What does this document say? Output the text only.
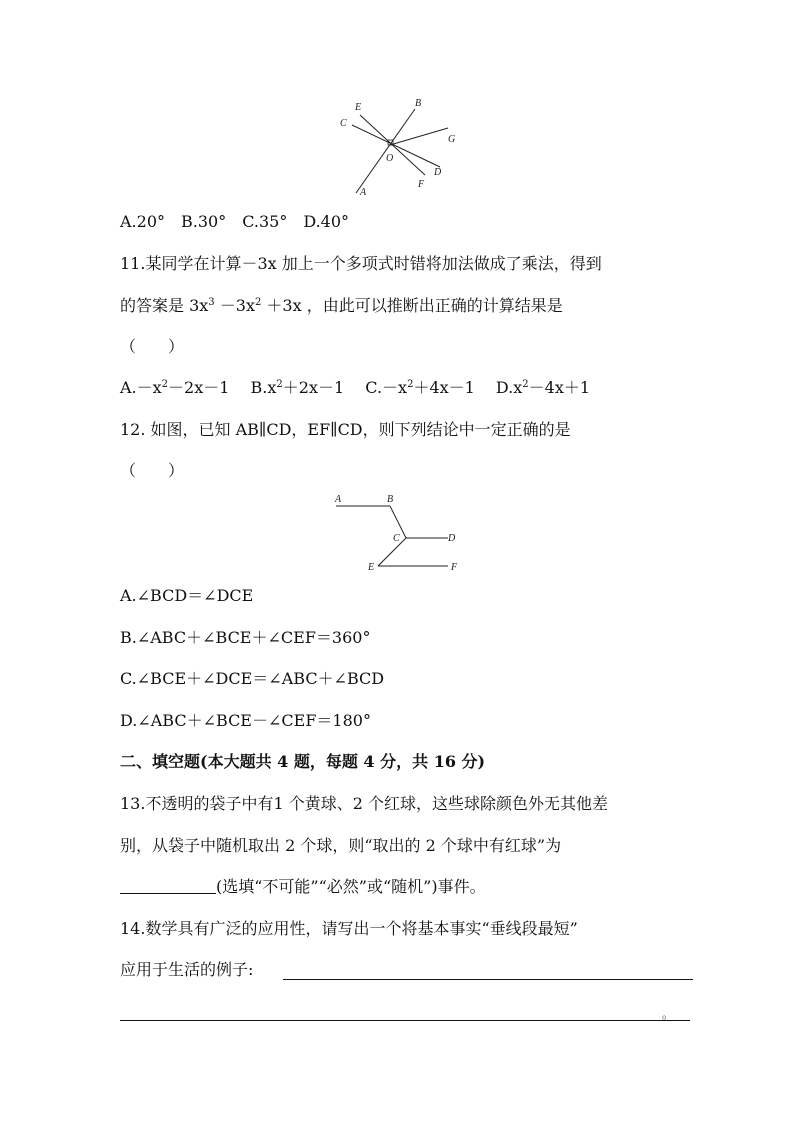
E	B
C
G
O
D
F
A
A.20°　B.30°　C.35°　D.40°
11.某同学在计算－3x 加上一个多项式时错将加法做成了乘法，得到
的答案是 $3x^3 -3x^2 +3x$ ，由此可以推断出正确的计算结果是
（　　）
$A.-x^2-2x-1$　 $B.x^2+2x-1$　 $C.-x^2+4x-1$　 $D.x^2-4x+1$
12. 如图，已知 AB∥CD，EF∥CD，则下列结论中一定正确的是
（　　）
A	B
C	D
E	F
A.∠BCD＝∠DCE
B.∠ABC＋∠BCE＋∠CEF＝360°
C.∠BCE＋∠DCE＝∠ABC＋∠BCD
D.∠ABC＋∠BCE－∠CEF＝180°
二、填空题(本大题共 4 题，每题 4 分，共 16 分)
13.不透明的袋子中有1 个黄球、2 个红球，这些球除颜色外无其他差
别，从袋子中随机取出 2 个球，则“取出的 2 个球中有红球”为
(选填“不可能”“必然”或“随机”)事件。
14.数学具有广泛的应用性，请写出一个将基本事实“垂线段最短”
应用于生活的例子:
。
